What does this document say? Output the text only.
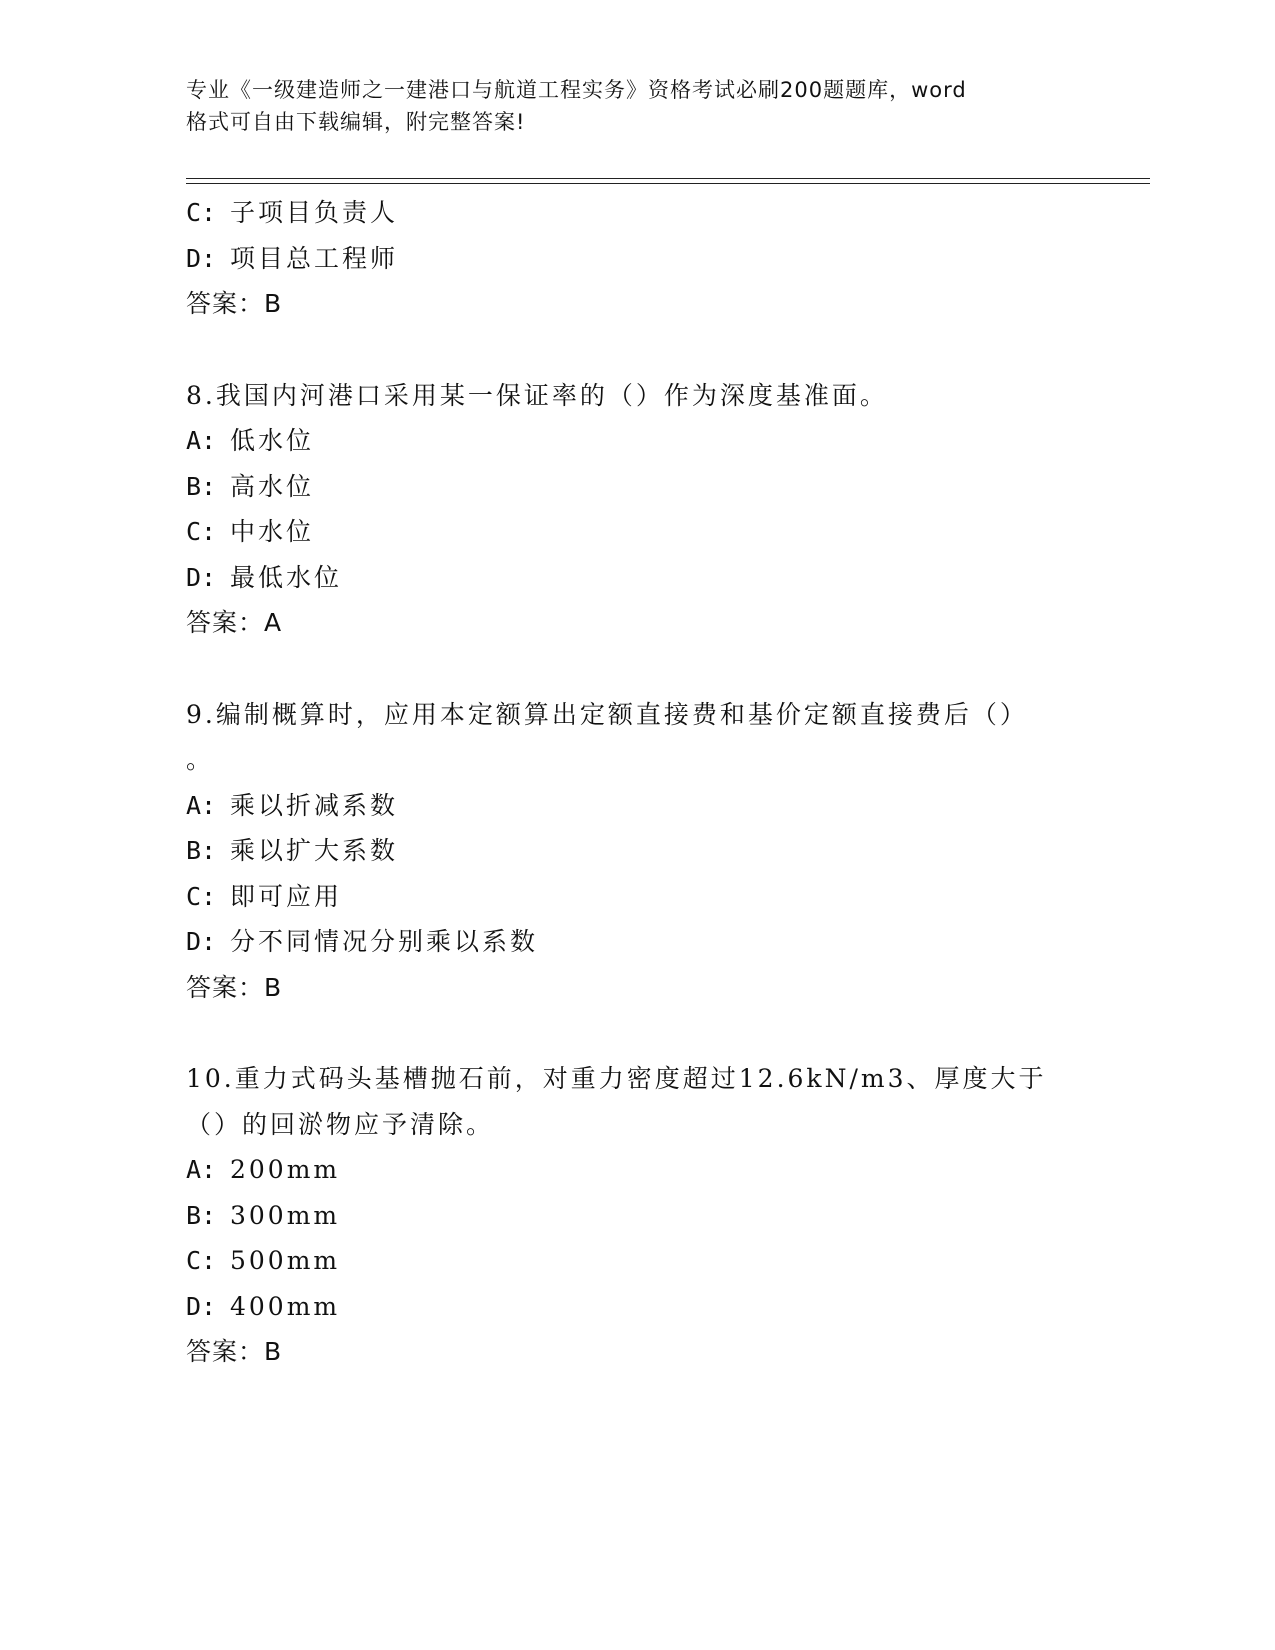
专业《一级建造师之一建港口与航道工程实务》资格考试必刷200题题库，word
格式可自由下载编辑，附完整答案!
C: 子项目负责人
D: 项目总工程师
答案：B
8.我国内河港口采用某一保证率的（）作为深度基准面。
A: 低水位
B: 高水位
C: 中水位
D: 最低水位
答案：A
9.编制概算时，应用本定额算出定额直接费和基价定额直接费后（）
。
A: 乘以折减系数
B: 乘以扩大系数
C: 即可应用
D: 分不同情况分别乘以系数
答案：B
10.重力式码头基槽抛石前，对重力密度超过12.6kN/m3、厚度大于
（）的回淤物应予清除。
A: 200mm
B: 300mm
C: 500mm
D: 400mm
答案：B
